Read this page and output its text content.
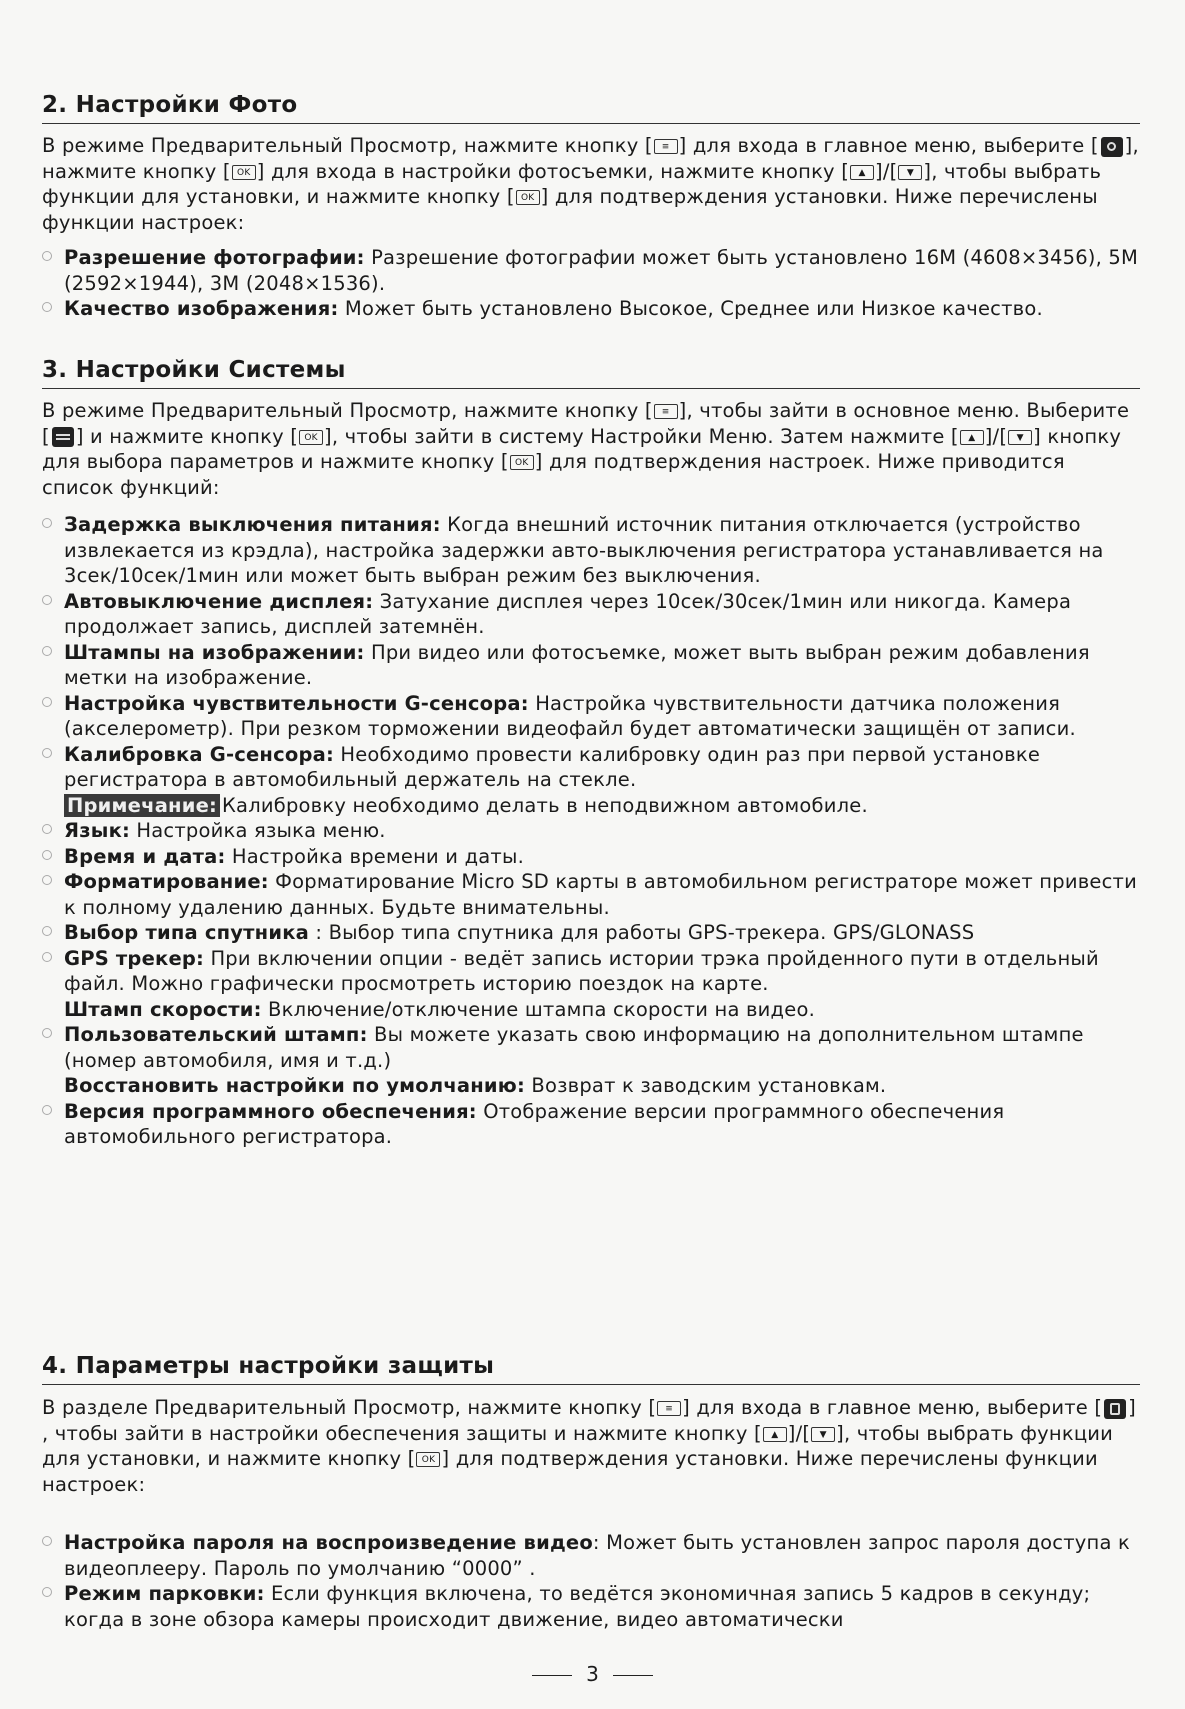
2. Настройки Фото
В режиме Предварительный Просмотр, нажмите кнопку [ ≡ ] для входа в главное меню, выберите [ ], нажмите кнопку [ OK ] для входа в настройки фотосъемки, нажмите кнопку [ ▲ ]/[ ▼ ], чтобы выбрать функции для установки, и нажмите кнопку [ OK ] для подтверждения установки. Ниже перечислены функции настроек:
Разрешение фотографии: Разрешение фотографии может быть установлено 16M (4608×3456), 5M (2592×1944), 3M (2048×1536).
Качество изображения: Может быть установлено Высокое, Среднее или Низкое качество.
3. Настройки Системы
В режиме Предварительный Просмотр, нажмите кнопку [ ≡ ], чтобы зайти в основное меню. Выберите [ ] и нажмите кнопку [ OK ], чтобы зайти в систему Настройки Меню. Затем нажмите [ ▲ ]/[ ▼ ] кнопку для выбора параметров и нажмите кнопку [ OK ] для подтверждения настроек. Ниже приводится список функций:
Задержка выключения питания: Когда внешний источник питания отключается (устройство извлекается из крэдла), настройка задержки авто-выключения регистратора устанавливается на 3сек/10сек/1мин или может быть выбран режим без выключения.
Автовыключение дисплея: Затухание дисплея через 10сек/30сек/1мин или никогда. Камера продолжает запись, дисплей затемнён.
Штампы на изображении: При видео или фотосъемке, может выть выбран режим добавления метки на изображение.
Настройка чувствительности G-сенсора: Настройка чувствительности датчика положения (акселерометр). При резком торможении видеофайл будет автоматически защищён от записи.
Калибровка G-сенсора: Необходимо провести калибровку один раз при первой установке регистратора в автомобильный держатель на стекле.
Примечание: Калибровку необходимо делать в неподвижном автомобиле.
Язык: Настройка языка меню.
Время и дата: Настройка времени и даты.
Форматирование: Форматирование Micro SD карты в автомобильном регистраторе может привести к полному удалению данных. Будьте внимательны.
Выбор типа спутника : Выбор типа спутника для работы GPS-трекера. GPS/GLONASS
GPS трекер: При включении опции - ведёт запись истории трэка пройденного пути в отдельный файл. Можно графически просмотреть историю поездок на карте.
Штамп скорости: Включение/отключение штампа скорости на видео.
Пользовательский штамп: Вы можете указать свою информацию на дополнительном штампе (номер автомобиля, имя и т.д.)
Восстановить настройки по умолчанию: Возврат к заводским установкам.
Версия программного обеспечения: Отображение версии программного обеспечения автомобильного регистратора.
4. Параметры настройки защиты
В разделе Предварительный Просмотр, нажмите кнопку [ ≡ ] для входа в главное меню, выберите [ ] , чтобы зайти в настройки обеспечения защиты и нажмите кнопку [ ▲ ]/[ ▼ ], чтобы выбрать функции для установки, и нажмите кнопку [ OK ] для подтверждения установки. Ниже перечислены функции настроек:
Настройка пароля на воспроизведение видео: Может быть установлен запрос пароля доступа к видеоплееру. Пароль по умолчанию “0000” .
Режим парковки: Если функция включена, то ведётся экономичная запись 5 кадров в секунду; когда в зоне обзора камеры происходит движение, видео автоматически
3
